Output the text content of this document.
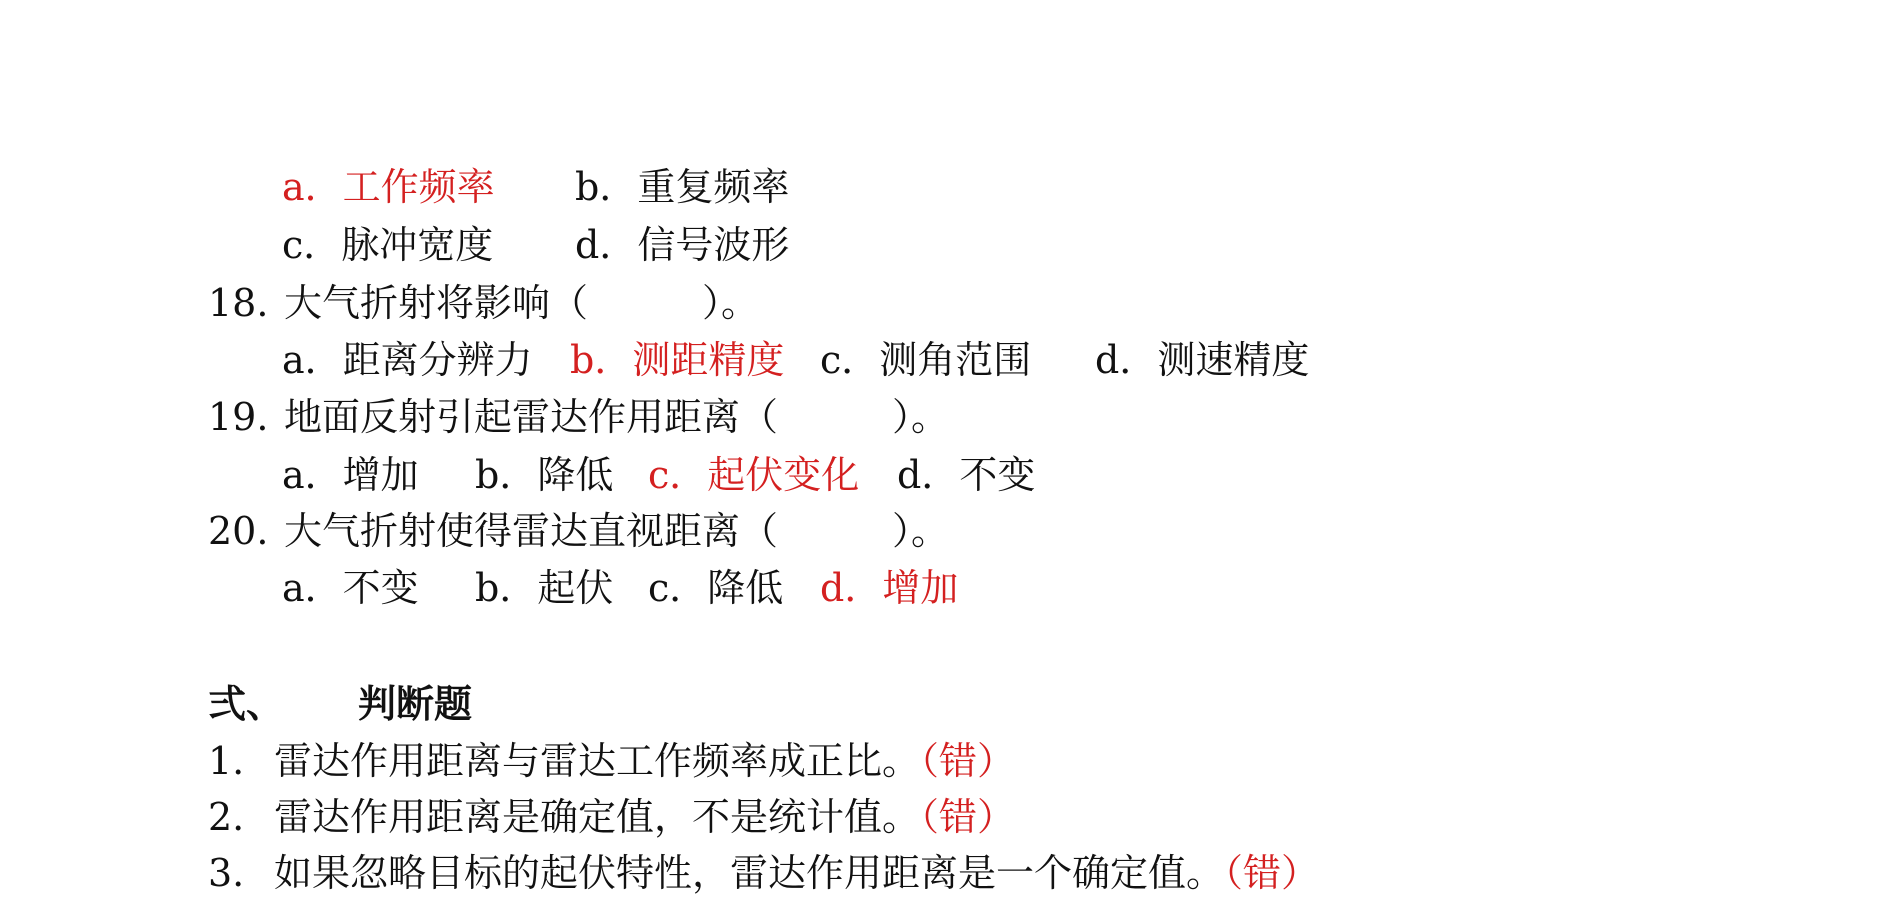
a．工作频率 b．重复频率
c．脉冲宽度 d．信号波形
18. 大气折射将影响（　　　）。
a．距离分辨力 b．测距精度 c．测角范围 d．测速精度
19. 地面反射引起雷达作用距离（　　　）。
a．增加 b．降低 c．起伏变化 d．不变
20. 大气折射使得雷达直视距离（　　　）。
a．不变 b．起伏 c．降低 d．增加
弍、 判断题
1. 雷达作用距离与雷达工作频率成正比。（错）
2. 雷达作用距离是确定值，不是统计值。（错）
3. 如果忽略目标的起伏特性，雷达作用距离是一个确定值。（错）
